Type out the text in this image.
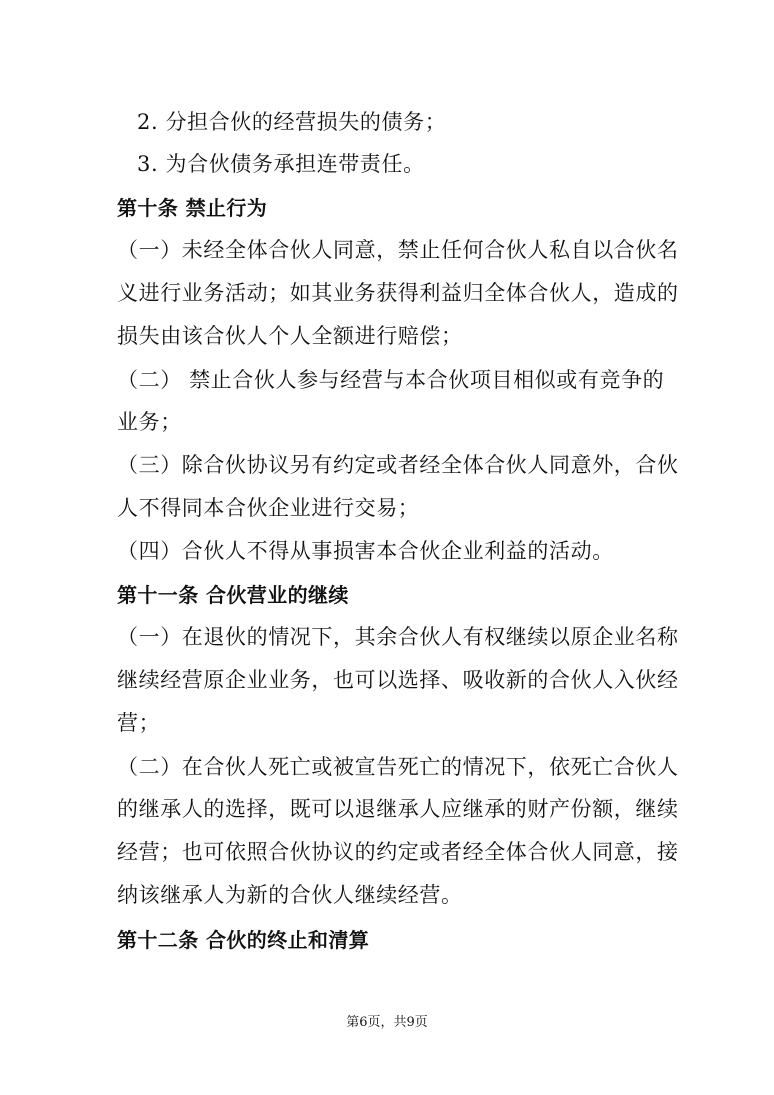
2. 分担合伙的经营损失的债务；
3. 为合伙债务承担连带责任。
第十条 禁止行为
（一）未经全体合伙人同意，禁止任何合伙人私自以合伙名
义进行业务活动；如其业务获得利益归全体合伙人，造成的
损失由该合伙人个人全额进行赔偿；
（二） 禁止合伙人参与经营与本合伙项目相似或有竞争的
业务；
（三）除合伙协议另有约定或者经全体合伙人同意外，合伙
人不得同本合伙企业进行交易；
（四）合伙人不得从事损害本合伙企业利益的活动。
第十一条 合伙营业的继续
（一）在退伙的情况下，其余合伙人有权继续以原企业名称
继续经营原企业业务，也可以选择、吸收新的合伙人入伙经
营；
（二）在合伙人死亡或被宣告死亡的情况下，依死亡合伙人
的继承人的选择，既可以退继承人应继承的财产份额，继续
经营；也可依照合伙协议的约定或者经全体合伙人同意，接
纳该继承人为新的合伙人继续经营。
第十二条 合伙的终止和清算
第6页，共9页
